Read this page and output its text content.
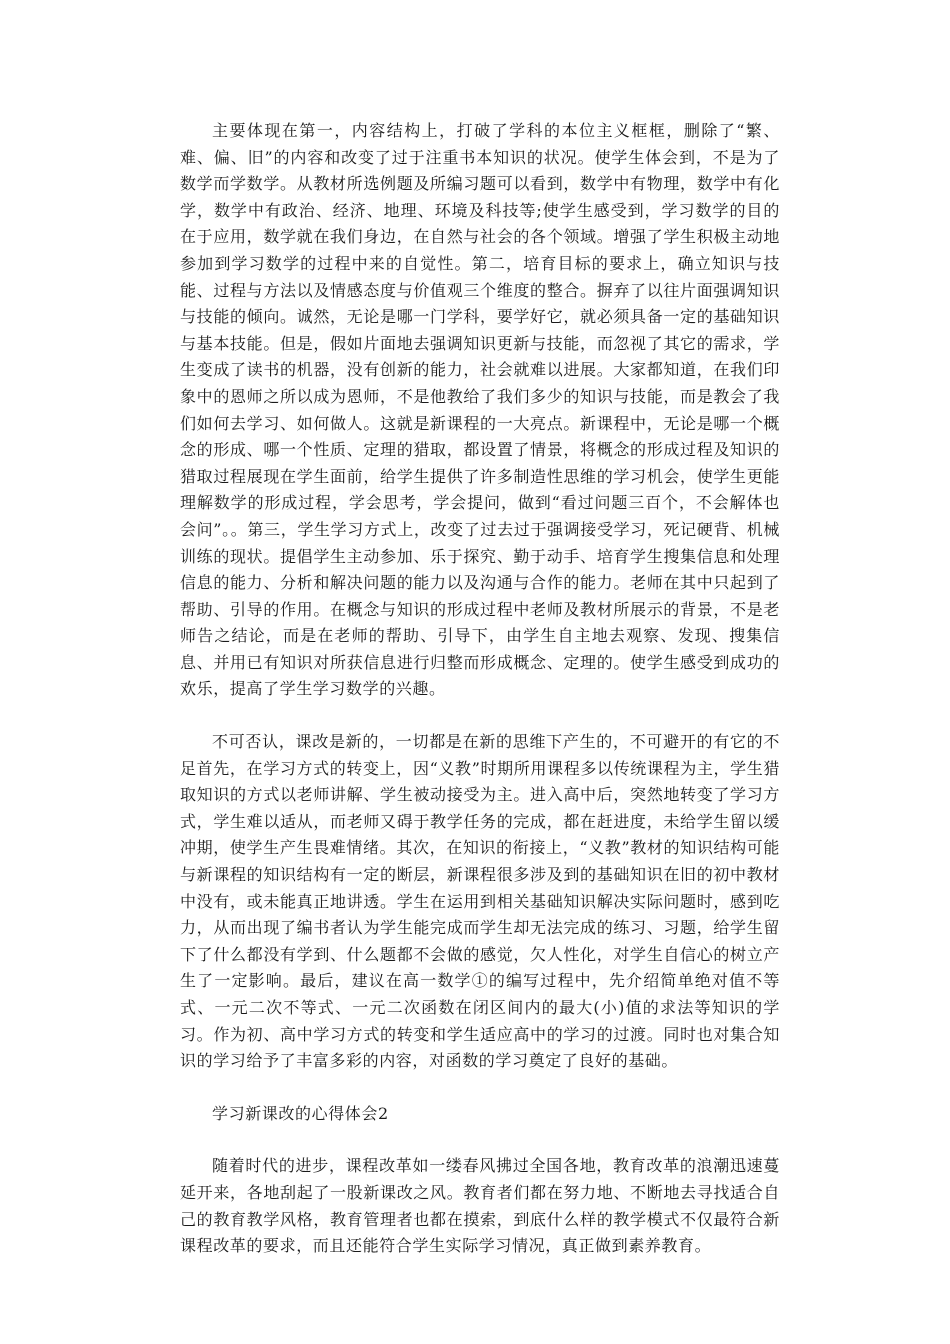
主要体现在第一，内容结构上，打破了学科的本位主义框框，删除了“繁、难、偏、旧”的内容和改变了过于注重书本知识的状况。使学生体会到，不是为了数学而学数学。从教材所选例题及所编习题可以看到，数学中有物理，数学中有化学，数学中有政治、经济、地理、环境及科技等;使学生感受到，学习数学的目的在于应用，数学就在我们身边，在自然与社会的各个领域。增强了学生积极主动地参加到学习数学的过程中来的自觉性。第二，培育目标的要求上，确立知识与技能、过程与方法以及情感态度与价值观三个维度的整合。摒弃了以往片面强调知识与技能的倾向。诚然，无论是哪一门学科，要学好它，就必须具备一定的基础知识与基本技能。但是，假如片面地去强调知识更新与技能，而忽视了其它的需求，学生变成了读书的机器，没有创新的能力，社会就难以进展。大家都知道，在我们印象中的恩师之所以成为恩师，不是他教给了我们多少的知识与技能，而是教会了我们如何去学习、如何做人。这就是新课程的一大亮点。新课程中，无论是哪一个概念的形成、哪一个性质、定理的猎取，都设置了情景，将概念的形成过程及知识的猎取过程展现在学生面前，给学生提供了许多制造性思维的学习机会，使学生更能理解数学的形成过程，学会思考，学会提问，做到“看过问题三百个，不会解体也会问”。。第三，学生学习方式上，改变了过去过于强调接受学习，死记硬背、机械训练的现状。提倡学生主动参加、乐于探究、勤于动手、培育学生搜集信息和处理信息的能力、分析和解决问题的能力以及沟通与合作的能力。老师在其中只起到了帮助、引导的作用。在概念与知识的形成过程中老师及教材所展示的背景，不是老师告之结论，而是在老师的帮助、引导下，由学生自主地去观察、发现、搜集信息、并用已有知识对所获信息进行归整而形成概念、定理的。使学生感受到成功的欢乐，提高了学生学习数学的兴趣。

不可否认，课改是新的，一切都是在新的思维下产生的，不可避开的有它的不足首先，在学习方式的转变上，因“义教”时期所用课程多以传统课程为主，学生猎取知识的方式以老师讲解、学生被动接受为主。进入高中后，突然地转变了学习方式，学生难以适从，而老师又碍于教学任务的完成，都在赶进度，未给学生留以缓冲期，使学生产生畏难情绪。其次，在知识的衔接上，“义教”教材的知识结构可能与新课程的知识结构有一定的断层，新课程很多涉及到的基础知识在旧的初中教材中没有，或未能真正地讲透。学生在运用到相关基础知识解决实际问题时，感到吃力，从而出现了编书者认为学生能完成而学生却无法完成的练习、习题，给学生留下了什么都没有学到、什么题都不会做的感觉，欠人性化，对学生自信心的树立产生了一定影响。最后，建议在高一数学①的编写过程中，先介绍简单绝对值不等式、一元二次不等式、一元二次函数在闭区间内的最大(小)值的求法等知识的学习。作为初、高中学习方式的转变和学生适应高中的学习的过渡。同时也对集合知识的学习给予了丰富多彩的内容，对函数的学习奠定了良好的基础。

学习新课改的心得体会2

随着时代的进步，课程改革如一缕春风拂过全国各地，教育改革的浪潮迅速蔓延开来，各地刮起了一股新课改之风。教育者们都在努力地、不断地去寻找适合自己的教育教学风格，教育管理者也都在摸索，到底什么样的教学模式不仅最符合新课程改革的要求，而且还能符合学生实际学习情况，真正做到素养教育。
